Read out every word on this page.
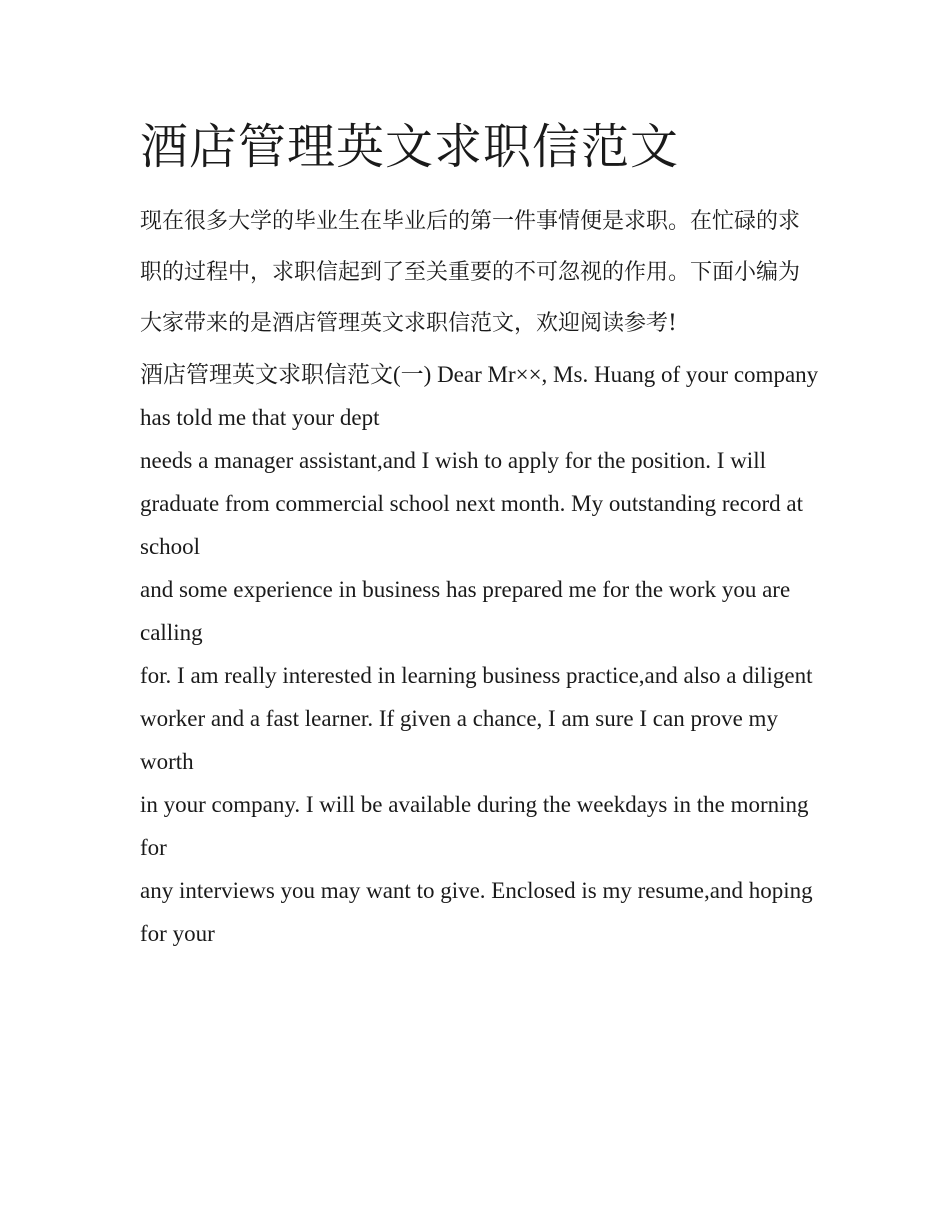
酒店管理英文求职信范文

现在很多大学的毕业生在毕业后的第一件事情便是求职。在忙碌的求职的过程中，求职信起到了至关重要的不可忽视的作用。下面小编为大家带来的是酒店管理英文求职信范文，欢迎阅读参考!

酒店管理英文求职信范文(一) Dear Mr××, Ms. Huang of your company has told me that your dept
needs a manager assistant,and I wish to apply for the position. I will
graduate from commercial school next month. My outstanding record at school
and some experience in business has prepared me for the work you are calling
for. I am really interested in learning business practice,and also a diligent
worker and a fast learner. If given a chance, I am sure I can prove my worth
in your company. I will be available during the weekdays in the morning for
any interviews you may want to give. Enclosed is my resume,and hoping for your
